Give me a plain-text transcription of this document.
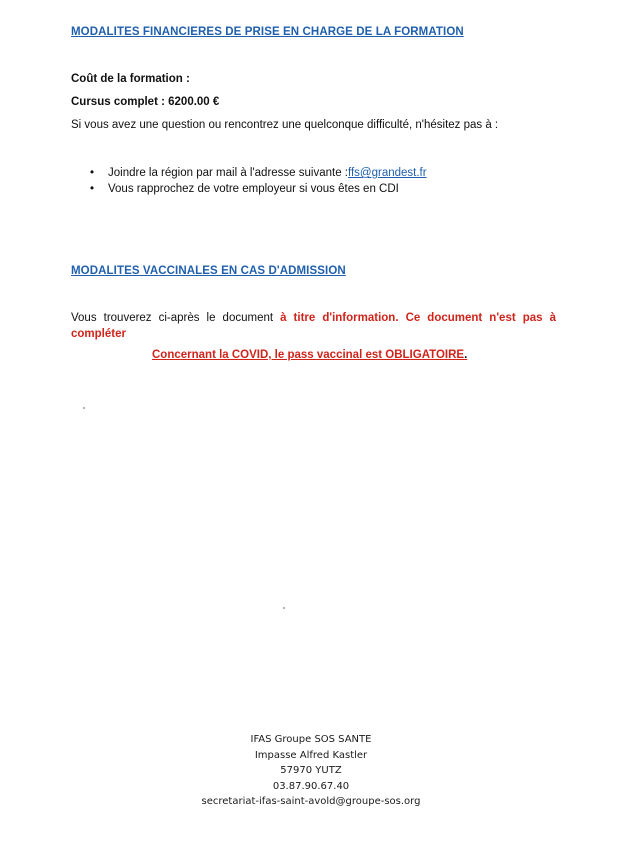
MODALITES FINANCIERES DE PRISE EN CHARGE DE LA FORMATION

Coût de la formation :

Cursus complet : 6200.00 €

Si vous avez une question ou rencontrez une quelconque difficulté, n'hésitez pas à :

• Joindre la région par mail à l'adresse suivante :ffs@grandest.fr
• Vous rapprochez de votre employeur si vous êtes en CDI

MODALITES VACCINALES EN CAS D'ADMISSION

Vous trouverez ci-après le document à titre d'information. Ce document n'est pas à compléter

Concernant la COVID, le pass vaccinal est OBLIGATOIRE.

IFAS Groupe SOS SANTE
Impasse Alfred Kastler
57970 YUTZ
03.87.90.67.40
secretariat-ifas-saint-avold@groupe-sos.org
